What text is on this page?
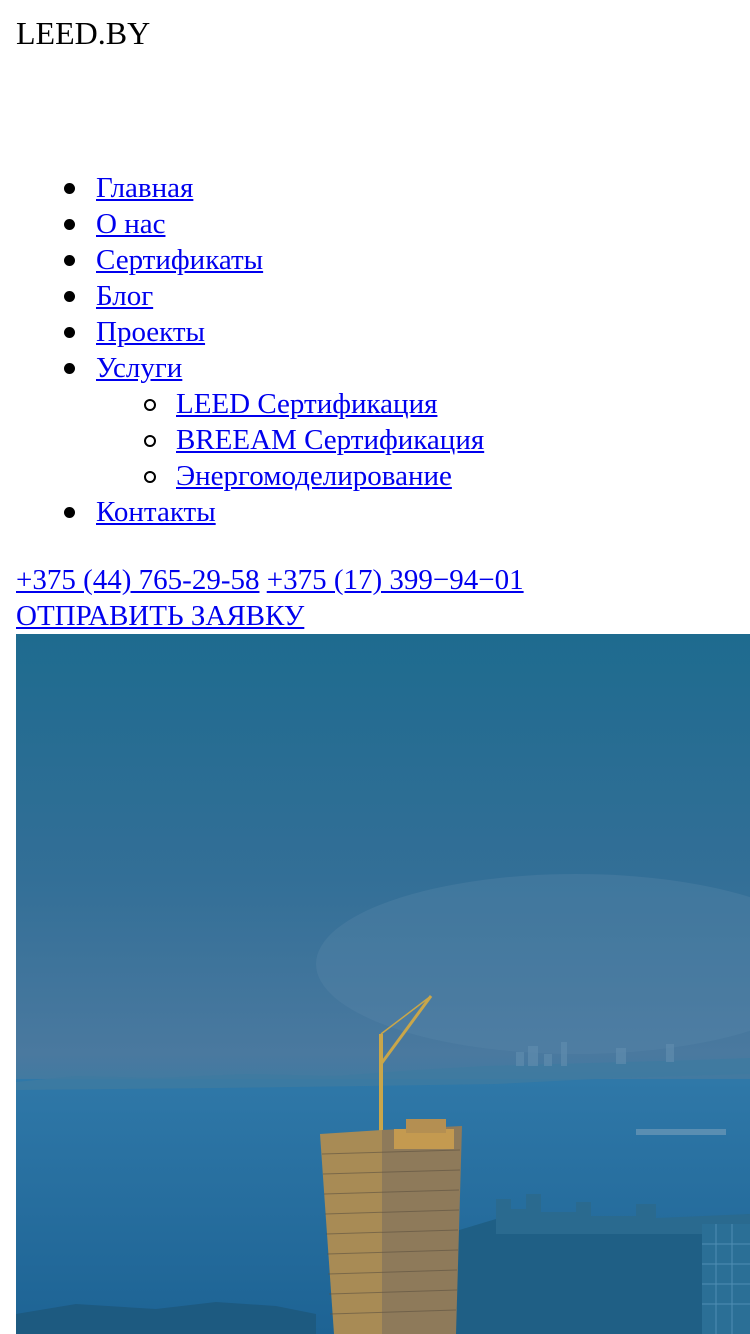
LEED.BY
Главная
О нас
Сертификаты
Блог
Проекты
Услуги
LEED Сертификация
BREEAM Сертификация
Энергомоделирование
Контакты
+375 (44) 765-29-58 +375 (17) 399−94−01
ОТПРАВИТЬ ЗАЯВКУ
